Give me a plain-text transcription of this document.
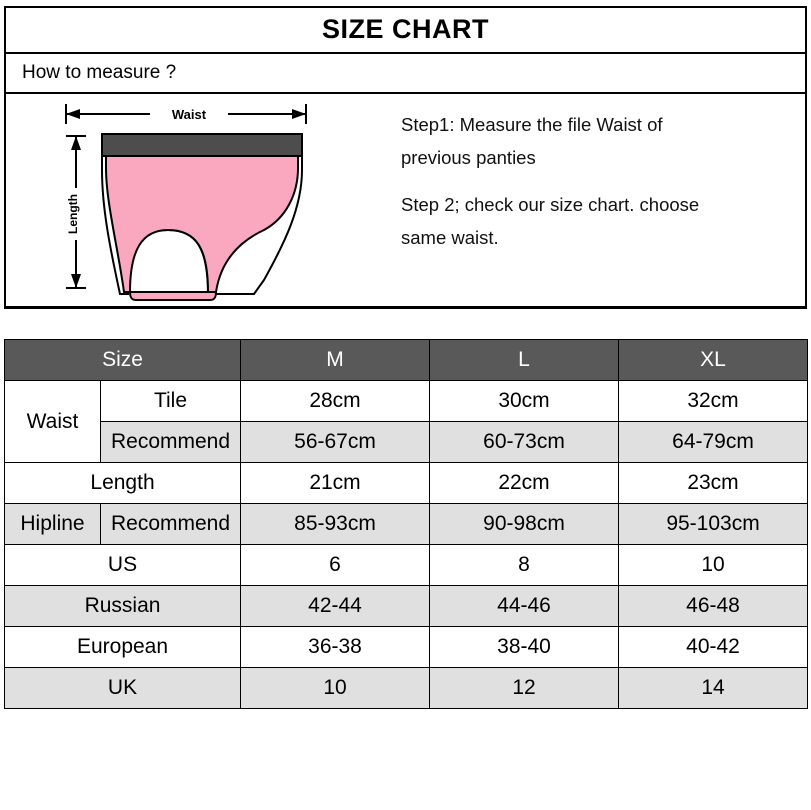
SIZE CHART
How to measure ?
Waist
Length
Step1: Measure the file Waist of
previous panties
Step 2; check our size chart. choose
same waist.
Size		M	L	XL
Waist	Tile	28cm	30cm	32cm
	Recommend	56-67cm	60-73cm	64-79cm
Length		21cm	22cm	23cm
Hipline	Recommend	85-93cm	90-98cm	95-103cm
US		6	8	10
Russian		42-44	44-46	46-48
European		36-38	38-40	40-42
UK		10	12	14
